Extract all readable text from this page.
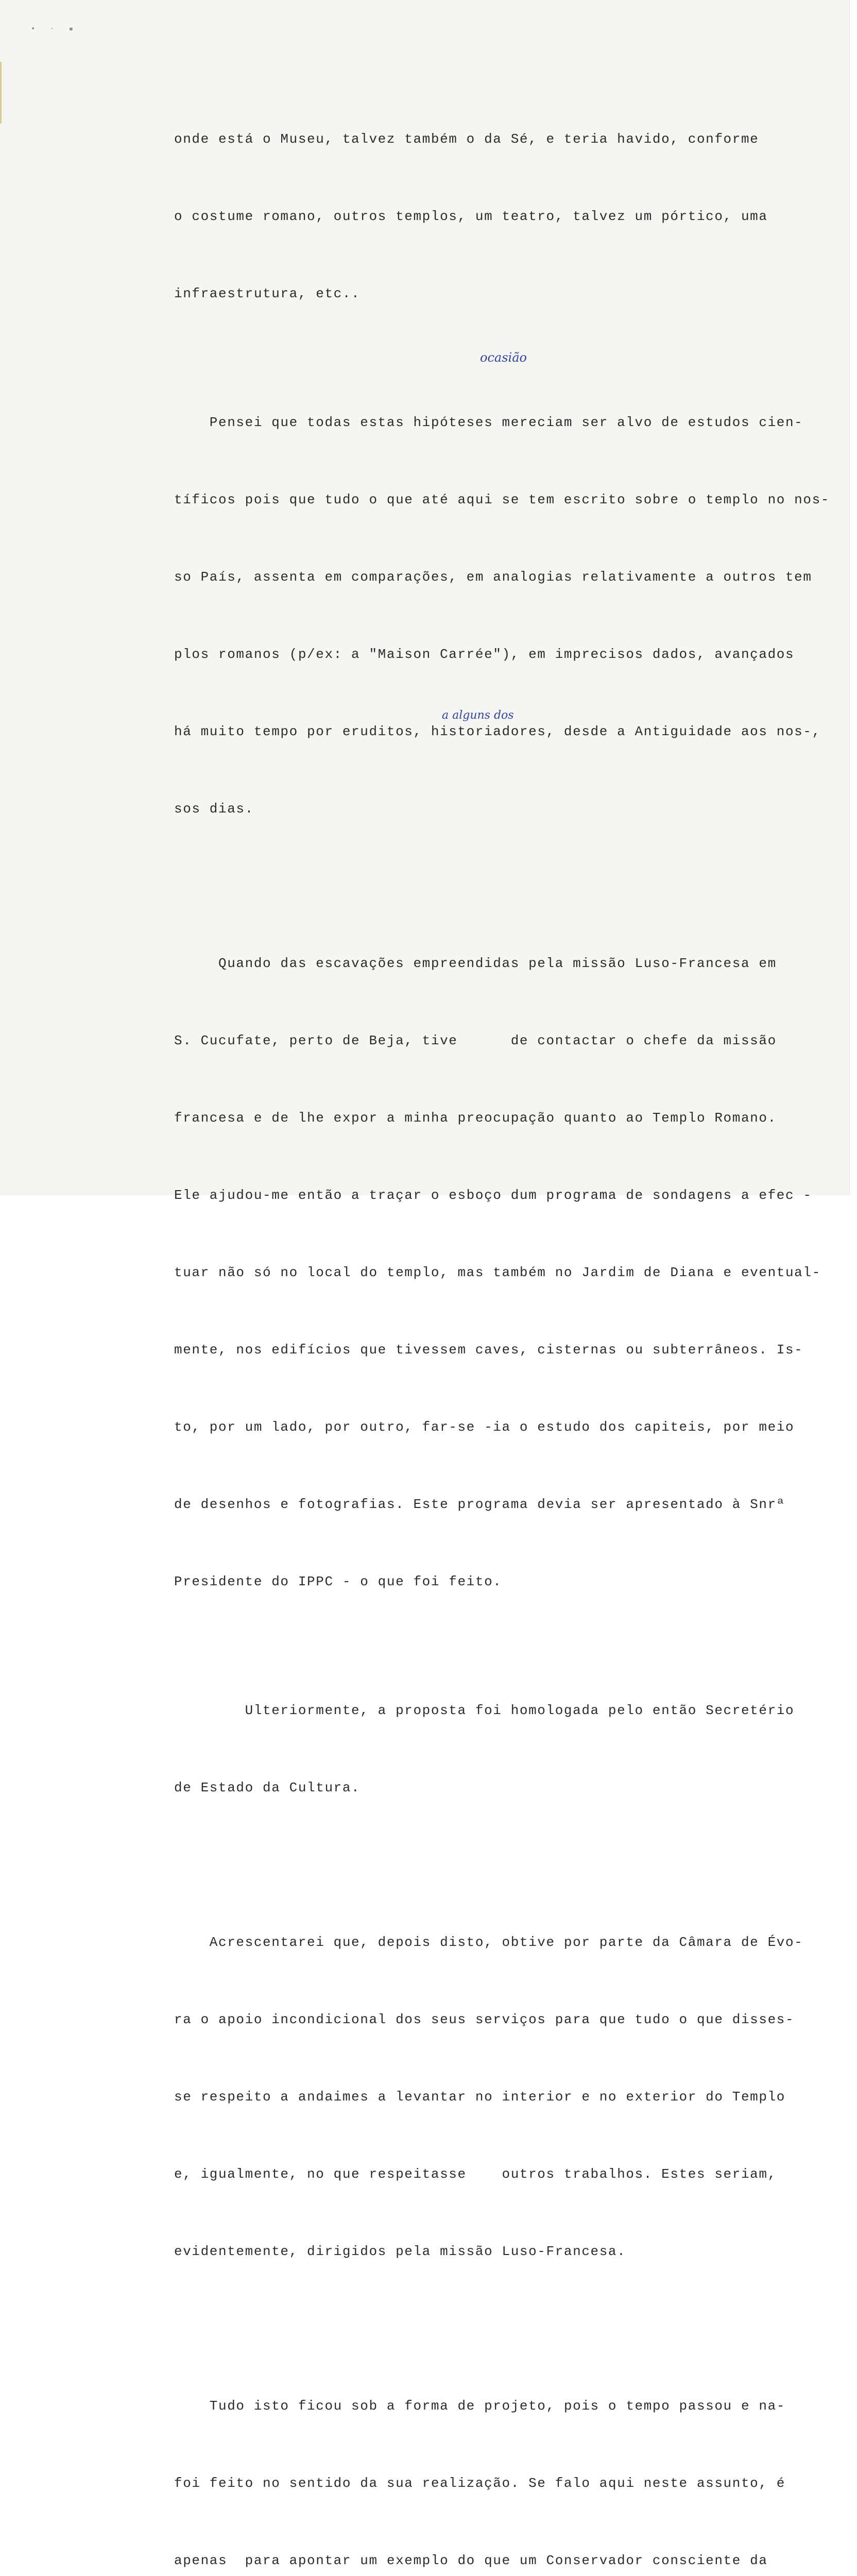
• · ▪

onde está o Museu, talvez também o da Sé, e teria havido, conforme

o costume romano, outros templos, um teatro, talvez um pórtico, uma

infraestrutura, etc..

Pensei que todas estas hipóteses mereciam ser alvo de estudos cien-

tíficos pois que tudo o que até aqui se tem escrito sobre o templo no nos-

so País, assenta em comparações, em analogias relativamente a outros tem

plos romanos (p/ex: a "Maison Carrée"), em imprecisos dados, avançados

há muito tempo por eruditos, historiadores, desde a Antiguidade aos nos-,

sos dias.

Quando das escavações empreendidas pela missão Luso-Francesa em

S. Cucufate, perto de Beja, tive      de contactar o chefe da missão

francesa e de lhe expor a minha preocupação quanto ao Templo Romano.

Ele ajudou-me então a traçar o esboço dum programa de sondagens a efec -

tuar não só no local do templo, mas também no Jardim de Diana e eventual-

mente, nos edifícios que tivessem caves, cisternas ou subterrâneos. Is-

to, por um lado, por outro, far-se -ia o estudo dos capiteis, por meio

de desenhos e fotografias. Este programa devia ser apresentado à Snrª

Presidente do IPPC - o que foi feito.

Ulteriormente, a proposta foi homologada pelo então Secretério

de Estado da Cultura.

Acrescentarei que, depois disto, obtive por parte da Câmara de Évo-

ra o apoio incondicional dos seus serviços para que tudo o que disses-

se respeito a andaimes a levantar no interior e no exterior do Templo

e, igualmente, no que respeitasse    outros trabalhos. Estes seriam,

evidentemente, dirigidos pela missão Luso-Francesa.

Tudo isto ficou sob a forma de projeto, pois o tempo passou e na-

foi feito no sentido da sua realização. Se falo aqui neste assunto, é

apenas  para apontar um exemplo do que um Conservador consciente da

ocasião
a alguns dos
